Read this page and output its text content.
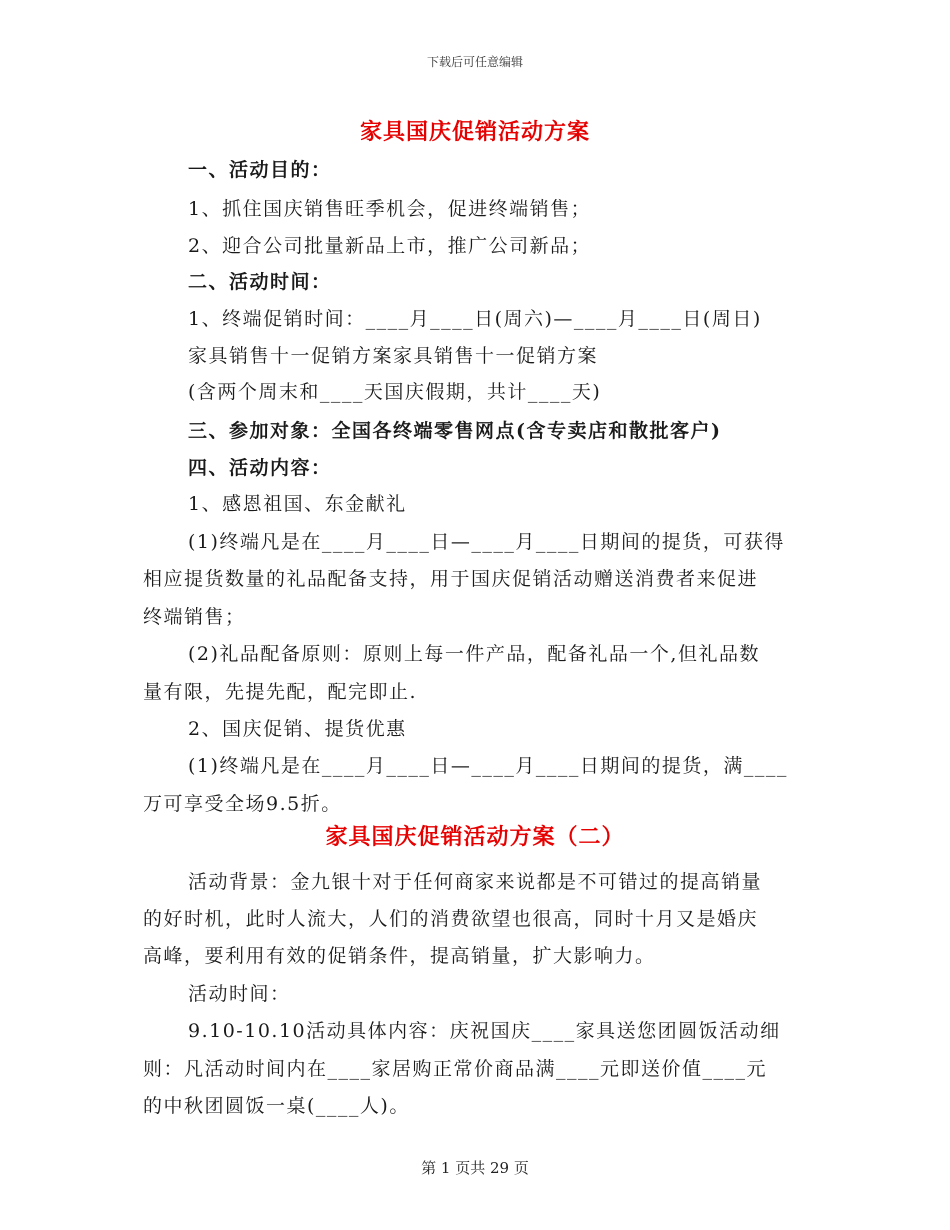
下载后可任意编辑
家具国庆促销活动方案
一、活动目的：
1、抓住国庆销售旺季机会，促进终端销售；
2、迎合公司批量新品上市，推广公司新品；
二、活动时间：
1、终端促销时间：____月____日(周六)—____月____日(周日)
家具销售十一促销方案家具销售十一促销方案
(含两个周末和____天国庆假期，共计____天)
三、参加对象：全国各终端零售网点(含专卖店和散批客户)
四、活动内容：
1、感恩祖国、东金献礼
(1)终端凡是在____月____日—____月____日期间的提货，可获得
相应提货数量的礼品配备支持，用于国庆促销活动赠送消费者来促进
终端销售；
(2)礼品配备原则：原则上每一件产品，配备礼品一个,但礼品数
量有限，先提先配，配完即止.
2、国庆促销、提货优惠
(1)终端凡是在____月____日—____月____日期间的提货，满____
万可享受全场9.5折。
家具国庆促销活动方案（二）
活动背景：金九银十对于任何商家来说都是不可错过的提高销量
的好时机，此时人流大，人们的消费欲望也很高，同时十月又是婚庆
高峰，要利用有效的促销条件，提高销量，扩大影响力。
活动时间：
9.10-10.10活动具体内容：庆祝国庆____家具送您团圆饭活动细
则：凡活动时间内在____家居购正常价商品满____元即送价值____元
的中秋团圆饭一桌(____人)。
第 1 页共 29 页
